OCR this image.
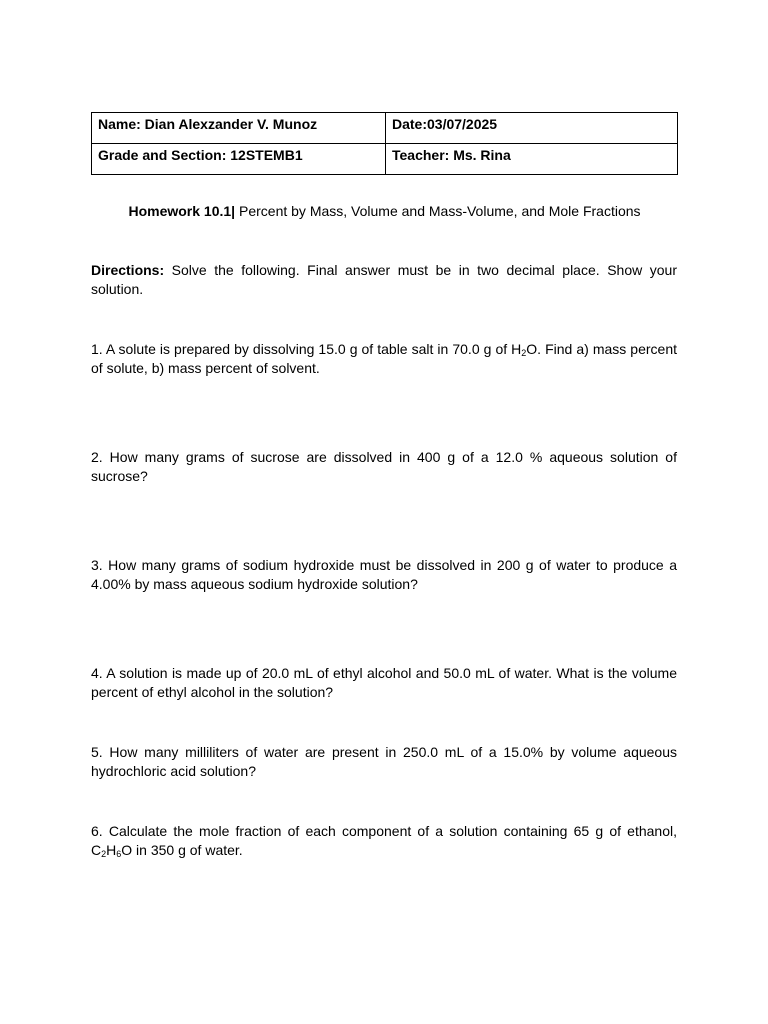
Name: Dian Alexzander V. Munoz	Date:03/07/2025
Grade and Section: 12STEMB1	Teacher: Ms. Rina
Homework 10.1| Percent by Mass, Volume and Mass-Volume, and Mole Fractions
Directions: Solve the following. Final answer must be in two decimal place. Show your solution.
1. A solute is prepared by dissolving 15.0 g of table salt in 70.0 g of $H_2O$. Find a) mass percent of solute, b) mass percent of solvent.
2. How many grams of sucrose are dissolved in 400 g of a 12.0 % aqueous solution of sucrose?
3. How many grams of sodium hydroxide must be dissolved in 200 g of water to produce a 4.00% by mass aqueous sodium hydroxide solution?
4. A solution is made up of 20.0 mL of ethyl alcohol and 50.0 mL of water. What is the volume percent of ethyl alcohol in the solution?
5. How many milliliters of water are present in 250.0 mL of a 15.0% by volume aqueous hydrochloric acid solution?
6. Calculate the mole fraction of each component of a solution containing 65 g of ethanol, $C_2H_6O$ in 350 g of water.
